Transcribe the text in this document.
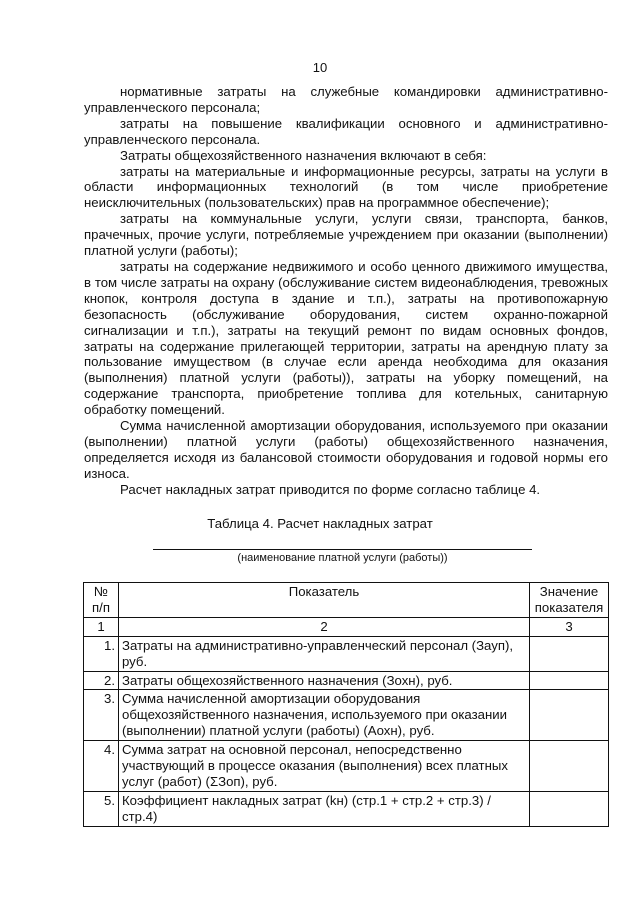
10

нормативные затраты на служебные командировки административно-управленческого персонала;

затраты на повышение квалификации основного и административно-управленческого персонала.

Затраты общехозяйственного назначения включают в себя:

затраты на материальные и информационные ресурсы, затраты на услуги в области информационных технологий (в том числе приобретение неисключительных (пользовательских) прав на программное обеспечение);

затраты на коммунальные услуги, услуги связи, транспорта, банков, прачечных, прочие услуги, потребляемые учреждением при оказании (выполнении) платной услуги (работы);

затраты на содержание недвижимого и особо ценного движимого имущества, в том числе затраты на охрану (обслуживание систем видеонаблюдения, тревожных кнопок, контроля доступа в здание и т.п.), затраты на противопожарную безопасность (обслуживание оборудования, систем охранно-пожарной сигнализации и т.п.), затраты на текущий ремонт по видам основных фондов, затраты на содержание прилегающей территории, затраты на арендную плату за пользование имуществом (в случае если аренда необходима для оказания (выполнения) платной услуги (работы)), затраты на уборку помещений, на содержание транспорта, приобретение топлива для котельных, санитарную обработку помещений.

Сумма начисленной амортизации оборудования, используемого при оказании (выполнении) платной услуги (работы) общехозяйственного назначения, определяется исходя из балансовой стоимости оборудования и годовой нормы его износа.

Расчет накладных затрат приводится по форме согласно таблице 4.

Таблица 4. Расчет накладных затрат
(наименование платной услуги (работы))
№ п/п	Показатель	Значение показателя
1	2	3
1.	Затраты на административно-управленческий персонал (Зауп), руб.	
2.	Затраты общехозяйственного назначения (Зохн), руб.	
3.	Сумма начисленной амортизации оборудования общехозяйственного назначения, используемого при оказании (выполнении) платной услуги (работы) (Аохн), руб.	
4.	Сумма затрат на основной персонал, непосредственно участвующий в процессе оказания (выполнения) всех платных услуг (работ) (ΣЗоп), руб.	
5.	Коэффициент накладных затрат (kн) (стр.1 + стр.2 + стр.3) / стр.4)	
